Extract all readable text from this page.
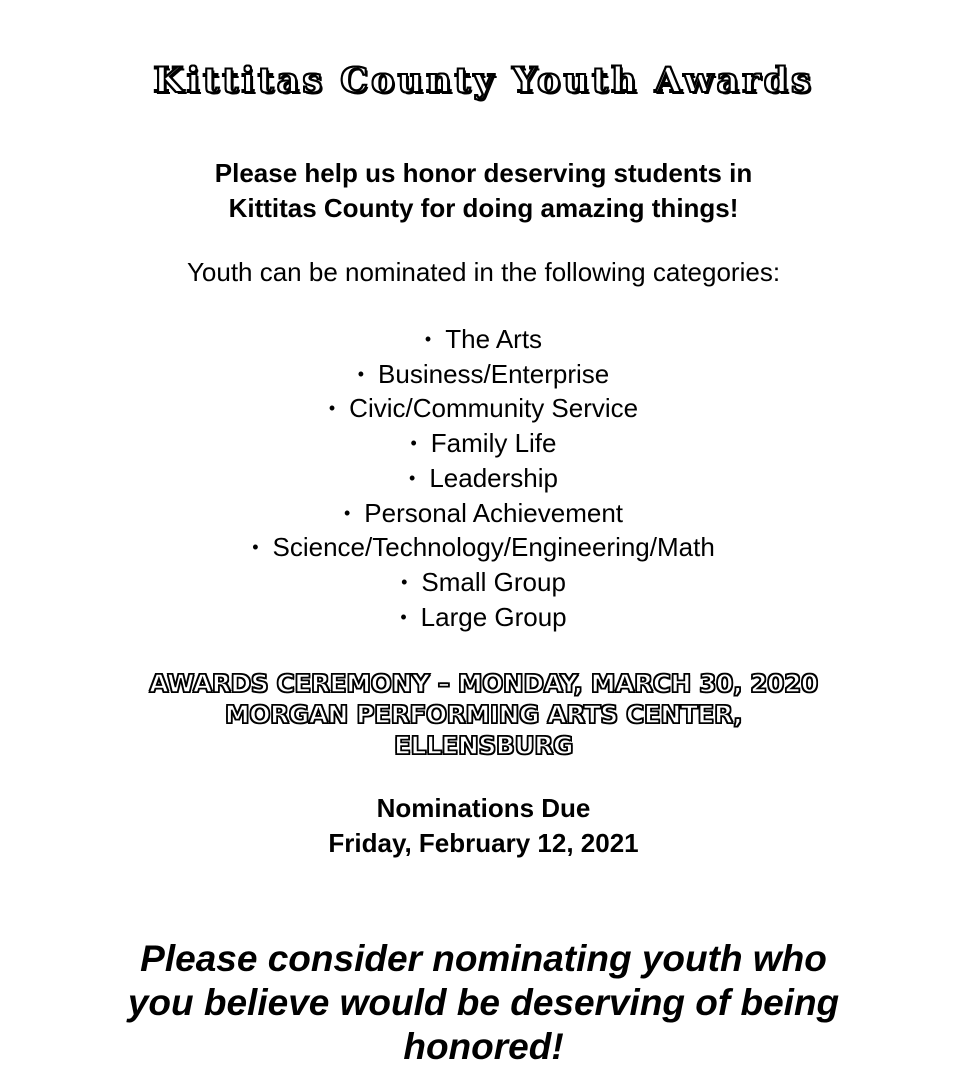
Kittitas County Youth Awards
Please help us honor deserving students in
Kittitas County for doing amazing things!
Youth can be nominated in the following categories:
• The Arts
• Business/Enterprise
• Civic/Community Service
• Family Life
• Leadership
• Personal Achievement
• Science/Technology/Engineering/Math
• Small Group
• Large Group
AWARDS CEREMONY – MONDAY, MARCH 30, 2020
MORGAN PERFORMING ARTS CENTER,
ELLENSBURG
Nominations Due
Friday, February 12, 2021
Please consider nominating youth who
you believe would be deserving of being
honored!
